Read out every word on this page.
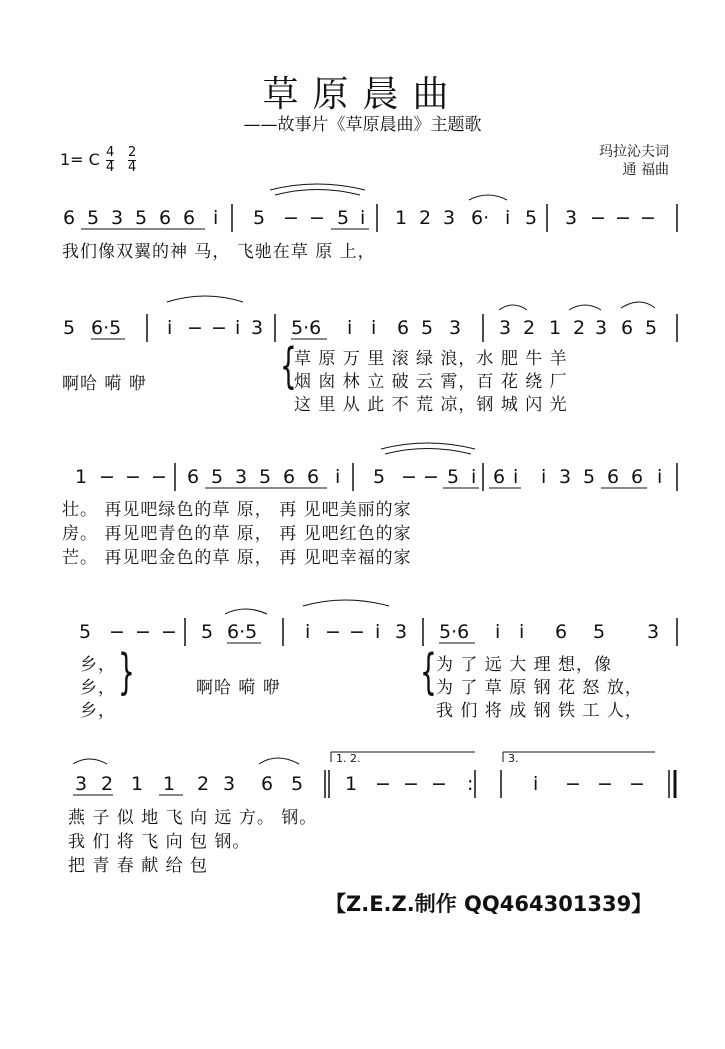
草原晨曲
——故事片《草原晨曲》主题歌
玛拉沁夫词
通 福曲
1= C 4
4
2
4
6 5 3 5 6 6 i 5 − − 5 i 1 2 3 6· i 5 3 − − −
我们像双翼的神 马， 飞驰在草 原 上，
5 6·5 i − − i 3 5·6 i i 6 5 3 3 2 1 2 3 6 5
啊哈 嗬 咿	{
草 原 万 里 滚 绿 浪，水 肥 牛 羊
烟 囱 林 立 破 云 霄，百 花 绕 厂
这 里 从 此 不 荒 凉，钢 城 闪 光
1 − − − 6 5 3 5 6 6 i 5 − − 5 i 6 i i 3 5 6 6 i
壮。 再见吧绿色的草 原， 再 见吧美丽的家
房。 再见吧青色的草 原， 再 见吧红色的家
芒。 再见吧金色的草 原， 再 见吧幸福的家
5 − − − 5 6·5	i − − i 3 5·6 i i 6 5 3
乡，
乡，
乡，
}	啊哈 嗬 咿	{ 为 了 远 大 理 想，像
为 了 草 原 钢 花 怒 放，
我 们 将 成 钢 铁 工 人，
3 2 1 1 2 3 6 5 1 − − − :	i − − −
1. 2.	3.
燕 子 似 地 飞 向 远 方。 钢。
我 们 将 飞 向 包 钢。
把 青 春 献 给 包
【Z.E.Z.制作 QQ464301339】
